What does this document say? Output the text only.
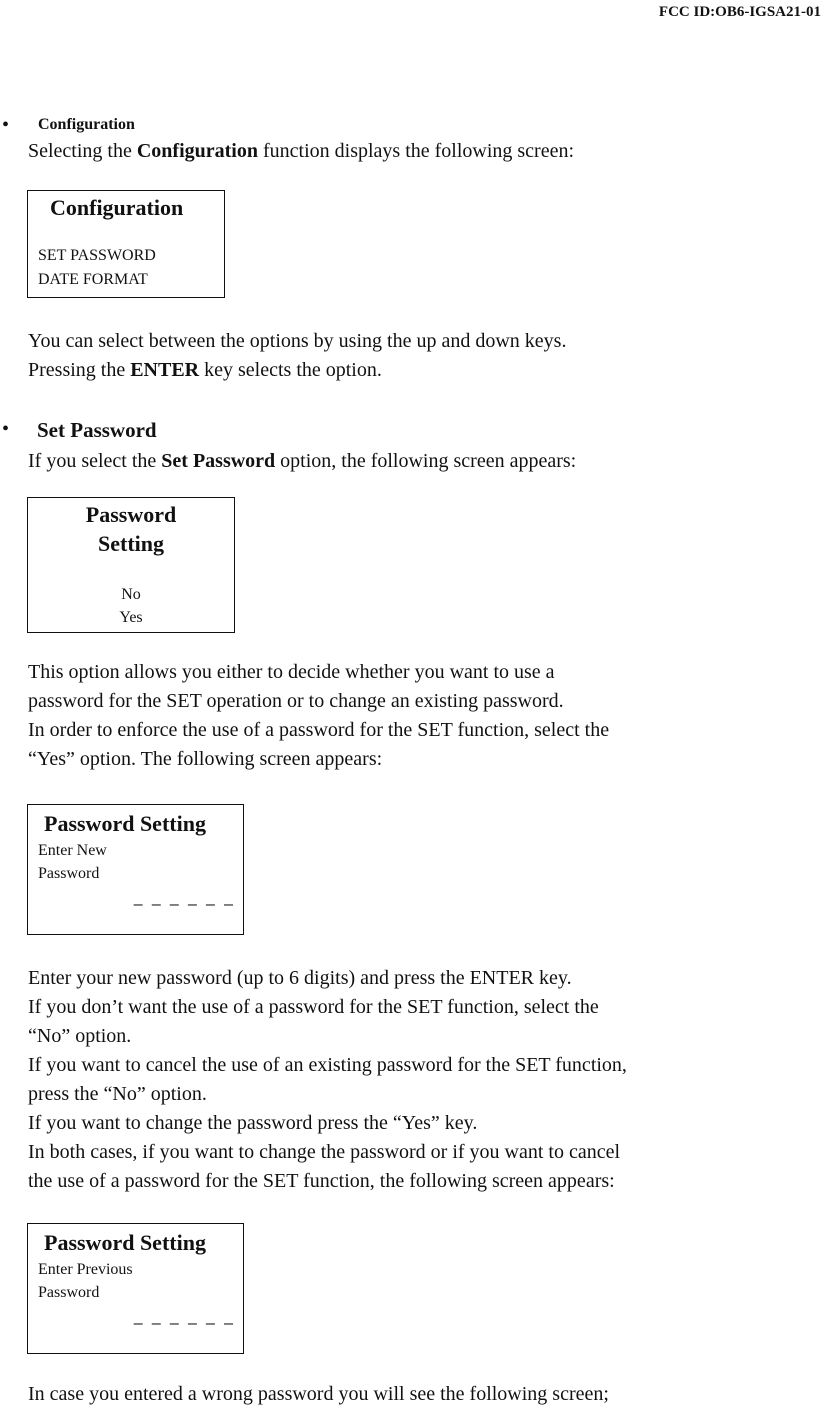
FCC ID:OB6-IGSA21-01
• Configuration
Selecting the Configuration function displays the following screen:
Configuration
SET PASSWORD
DATE FORMAT
You can select between the options by using the up and down keys.
Pressing the ENTER key selects the option.
• Set Password
If you select the Set Password option, the following screen appears:
Password
Setting
No
Yes
This option allows you either to decide whether you want to use a
password for the SET operation or to change an existing password.
In order to enforce the use of a password for the SET function, select the
“Yes” option. The following screen appears:
Password Setting
Enter New
Password
– – – – – –
Enter your new password (up to 6 digits) and press the ENTER key.
If you don’t want the use of a password for the SET function, select the
“No” option.
If you want to cancel the use of an existing password for the SET function,
press the “No” option.
If you want to change the password press the “Yes” key.
In both cases, if you want to change the password or if you want to cancel
the use of a password for the SET function, the following screen appears:
Password Setting
Enter Previous
Password
– – – – – –
In case you entered a wrong password you will see the following screen;
